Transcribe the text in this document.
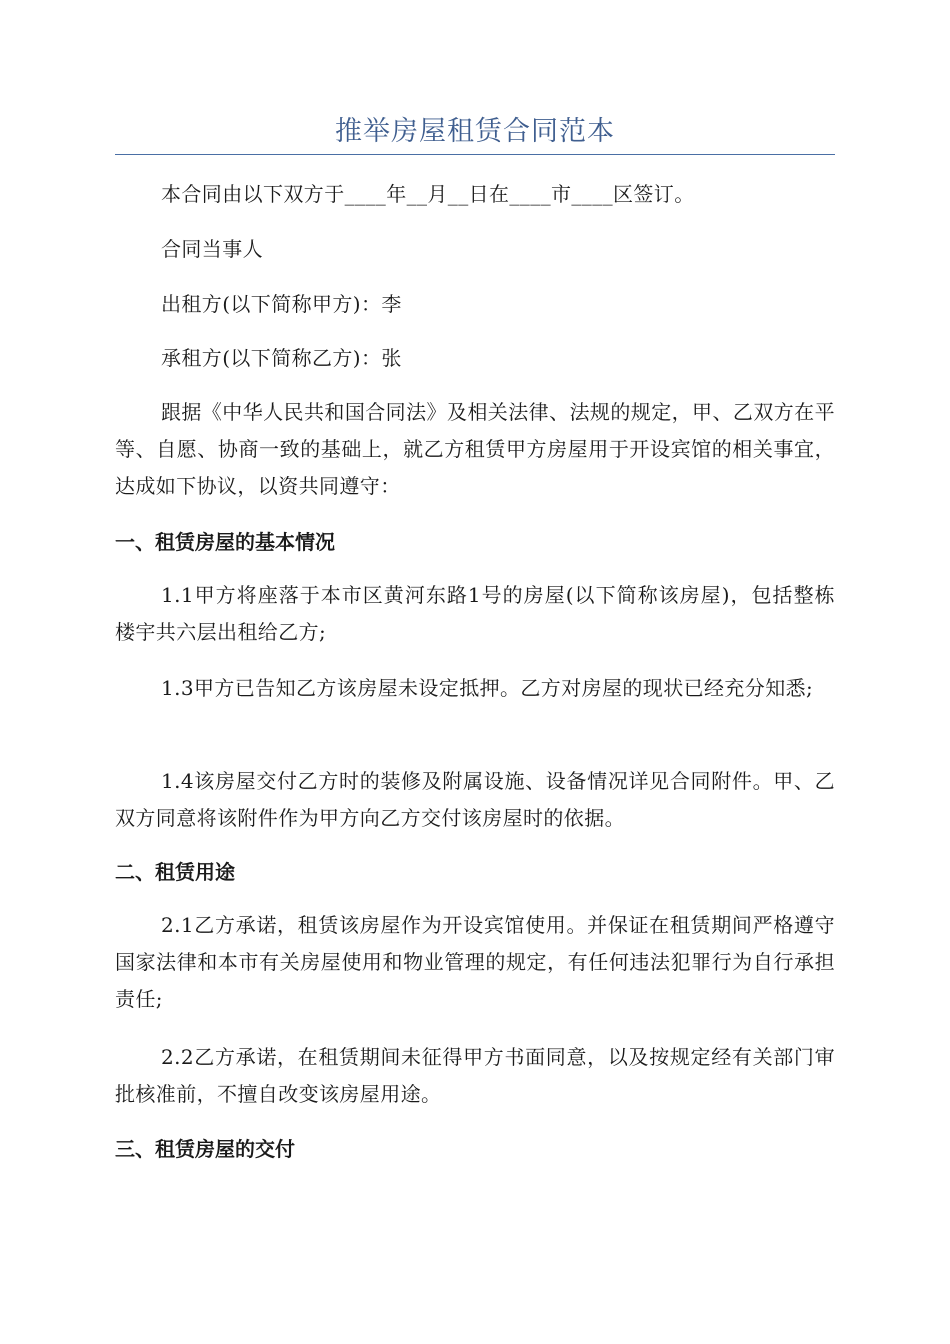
推举房屋租赁合同范本

本合同由以下双方于____年__月__日在____市____区签订。

合同当事人

出租方(以下简称甲方)：李

承租方(以下简称乙方)：张

跟据《中华人民共和国合同法》及相关法律、法规的规定，甲、乙双方在平等、自愿、协商一致的基础上，就乙方租赁甲方房屋用于开设宾馆的相关事宜，达成如下协议，以资共同遵守：

一、租赁房屋的基本情况

1.1甲方将座落于本市区黄河东路1号的房屋(以下简称该房屋)，包括整栋楼宇共六层出租给乙方;

1.3甲方已告知乙方该房屋未设定抵押。乙方对房屋的现状已经充分知悉;

1.4该房屋交付乙方时的装修及附属设施、设备情况详见合同附件。甲、乙双方同意将该附件作为甲方向乙方交付该房屋时的依据。

二、租赁用途

2.1乙方承诺，租赁该房屋作为开设宾馆使用。并保证在租赁期间严格遵守国家法律和本市有关房屋使用和物业管理的规定，有任何违法犯罪行为自行承担责任;

2.2乙方承诺，在租赁期间未征得甲方书面同意，以及按规定经有关部门审批核准前，不擅自改变该房屋用途。

三、租赁房屋的交付
